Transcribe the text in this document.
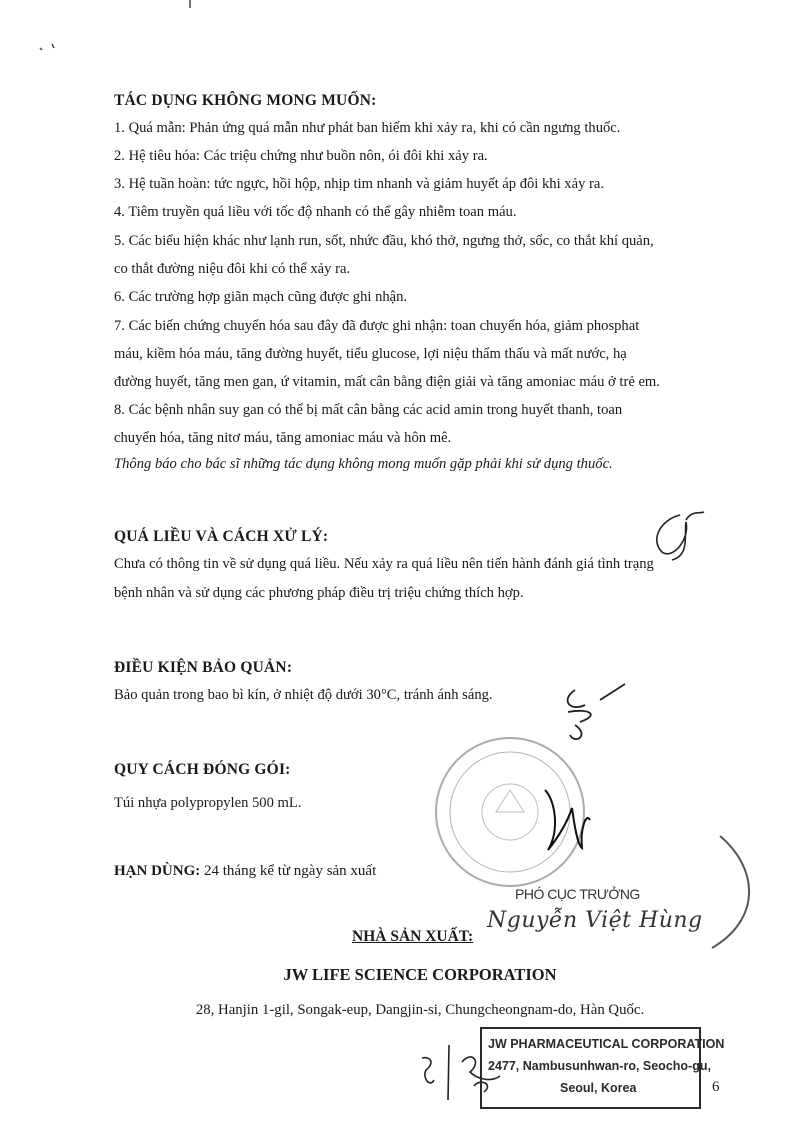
TÁC DỤNG KHÔNG MONG MUỐN:
1. Quá mẫn: Phản ứng quá mẫn như phát ban hiếm khi xảy ra, khi có cần ngưng thuốc.
2. Hệ tiêu hóa: Các triệu chứng như buồn nôn, ói đôi khi xảy ra.
3. Hệ tuần hoàn: tức ngực, hồi hộp, nhịp tim nhanh và giảm huyết áp đôi khi xảy ra.
4. Tiêm truyền quá liều với tốc độ nhanh có thể gây nhiễm toan máu.
5. Các biểu hiện khác như lạnh run, sốt, nhức đầu, khó thở, ngưng thở, sốc, co thắt khí quản,
co thắt đường niệu đôi khi có thể xảy ra.
6. Các trường hợp giãn mạch cũng được ghi nhận.
7. Các biến chứng chuyển hóa sau đây đã được ghi nhận: toan chuyển hóa, giảm phosphat
máu, kiềm hóa máu, tăng đường huyết, tiểu glucose, lợi niệu thẩm thấu và mất nước, hạ
đường huyết, tăng men gan, ứ vitamin, mất cân bằng điện giải và tăng amoniac máu ở trẻ em.
8. Các bệnh nhân suy gan có thể bị mất cân bằng các acid amin trong huyết thanh, toan
chuyển hóa, tăng nitơ máu, tăng amoniac máu và hôn mê.
Thông báo cho bác sĩ những tác dụng không mong muốn gặp phải khi sử dụng thuốc.
QUÁ LIỀU VÀ CÁCH XỬ LÝ:
Chưa có thông tin về sử dụng quá liều. Nếu xảy ra quá liều nên tiến hành đánh giá tình trạng
bệnh nhân và sử dụng các phương pháp điều trị triệu chứng thích hợp.
ĐIỀU KIỆN BẢO QUẢN:
Bảo quản trong bao bì kín, ở nhiệt độ dưới 30°C, tránh ánh sáng.
QUY CÁCH ĐÓNG GÓI:
Túi nhựa polypropylen 500 mL.
HẠN DÙNG: 24 tháng kể từ ngày sản xuất
PHÓ CỤC TRƯỞNG
Nguyễn Việt Hùng
NHÀ SẢN XUẤT:
JW LIFE SCIENCE CORPORATION
28, Hanjin 1-gil, Songak-eup, Dangjin-si, Chungcheongnam-do, Hàn Quốc.
JW PHARMACEUTICAL CORPORATION
2477, Nambusunhwan-ro, Seocho-gu,
Seoul, Korea	6
